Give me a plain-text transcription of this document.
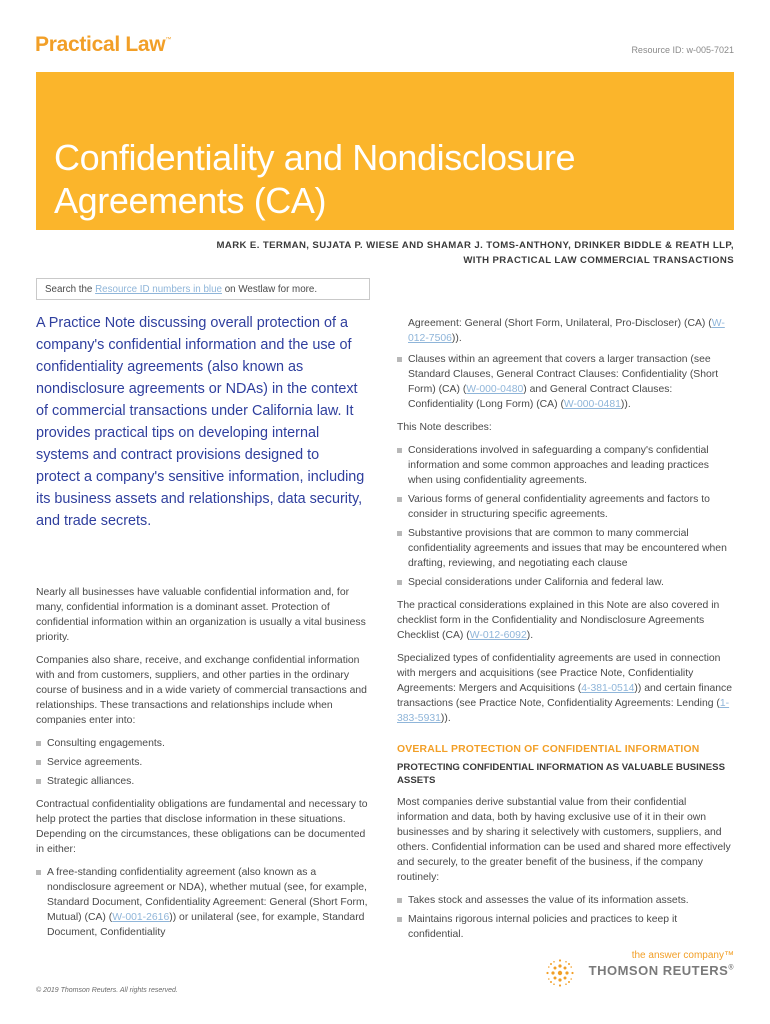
Practical Law™
Resource ID: w-005-7021
Confidentiality and Nondisclosure
Agreements (CA)
MARK E. TERMAN, SUJATA P. WIESE AND SHAMAR J. TOMS-ANTHONY, DRINKER BIDDLE & REATH LLP,
WITH PRACTICAL LAW COMMERCIAL TRANSACTIONS
Search the Resource ID numbers in blue on Westlaw for more.

A Practice Note discussing overall protection of a company's confidential information and the use of confidentiality agreements (also known as nondisclosure agreements or NDAs) in the context of commercial transactions under California law. It provides practical tips on developing internal systems and contract provisions designed to protect a company's sensitive information, including its business assets and relationships, data security, and trade secrets.

Nearly all businesses have valuable confidential information and, for many, confidential information is a dominant asset. Protection of confidential information within an organization is usually a vital business priority.

Companies also share, receive, and exchange confidential information with and from customers, suppliers, and other parties in the ordinary course of business and in a wide variety of commercial transactions and relationships. These transactions and relationships include when companies enter into:

Consulting engagements.
Service agreements.
Strategic alliances.

Contractual confidentiality obligations are fundamental and necessary to help protect the parties that disclose information in these situations. Depending on the circumstances, these obligations can be documented in either:

A free-standing confidentiality agreement (also known as a nondisclosure agreement or NDA), whether mutual (see, for example, Standard Document, Confidentiality Agreement: General (Short Form, Mutual) (CA) (W-001-2616)) or unilateral (see, for example, Standard Document, Confidentiality
Agreement: General (Short Form, Unilateral, Pro-Discloser) (CA) (W-012-7506)).
Clauses within an agreement that covers a larger transaction (see Standard Clauses, General Contract Clauses: Confidentiality (Short Form) (CA) (W-000-0480) and General Contract Clauses: Confidentiality (Long Form) (CA) (W-000-0481)).

This Note describes:

Considerations involved in safeguarding a company's confidential information and some common approaches and leading practices when using confidentiality agreements.
Various forms of general confidentiality agreements and factors to consider in structuring specific agreements.
Substantive provisions that are common to many commercial confidentiality agreements and issues that may be encountered when drafting, reviewing, and negotiating each clause
Special considerations under California and federal law.

The practical considerations explained in this Note are also covered in checklist form in the Confidentiality and Nondisclosure Agreements Checklist (CA) (W-012-6092).

Specialized types of confidentiality agreements are used in connection with mergers and acquisitions (see Practice Note, Confidentiality Agreements: Mergers and Acquisitions (4-381-0514)) and certain finance transactions (see Practice Note, Confidentiality Agreements: Lending (1-383-5931)).

OVERALL PROTECTION OF CONFIDENTIAL INFORMATION
PROTECTING CONFIDENTIAL INFORMATION AS VALUABLE BUSINESS ASSETS

Most companies derive substantial value from their confidential information and data, both by having exclusive use of it in their own businesses and by sharing it selectively with customers, suppliers, and others. Confidential information can be used and shared more effectively and securely, to the greater benefit of the business, if the company routinely:

Takes stock and assesses the value of its information assets.
Maintains rigorous internal policies and practices to keep it confidential.
© 2019 Thomson Reuters. All rights reserved.
the answer company™
THOMSON REUTERS®
